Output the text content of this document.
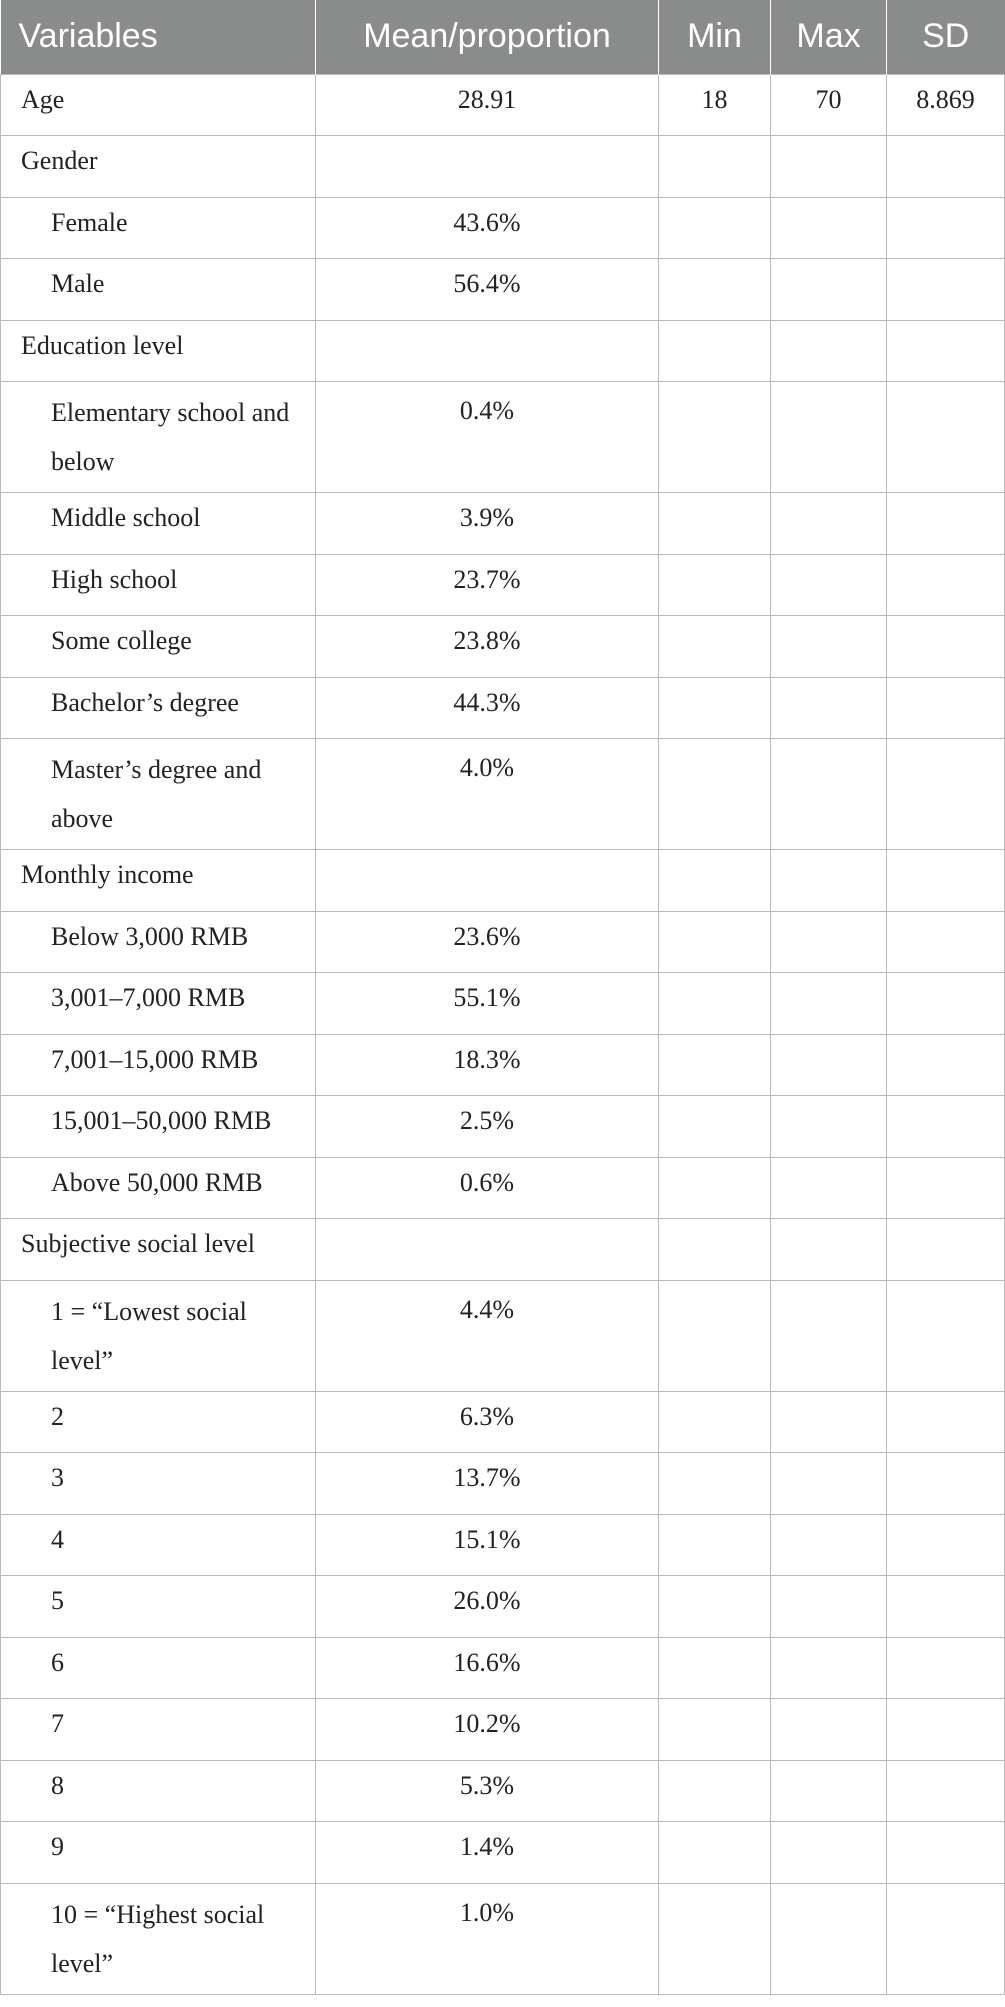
Variables	Mean/proportion	Min	Max	SD
Age	28.91	18	70	8.869
Gender				
Female	43.6%			
Male	56.4%			
Education level				
Elementary school and below	0.4%			
Middle school	3.9%			
High school	23.7%			
Some college	23.8%			
Bachelor’s degree	44.3%			
Master’s degree and above	4.0%			
Monthly income				
Below 3,000 RMB	23.6%			
3,001–7,000 RMB	55.1%			
7,001–15,000 RMB	18.3%			
15,001–50,000 RMB	2.5%			
Above 50,000 RMB	0.6%			
Subjective social level				
1 = “Lowest social level”	4.4%			
2	6.3%			
3	13.7%			
4	15.1%			
5	26.0%			
6	16.6%			
7	10.2%			
8	5.3%			
9	1.4%			
10 = “Highest social level”	1.0%			
